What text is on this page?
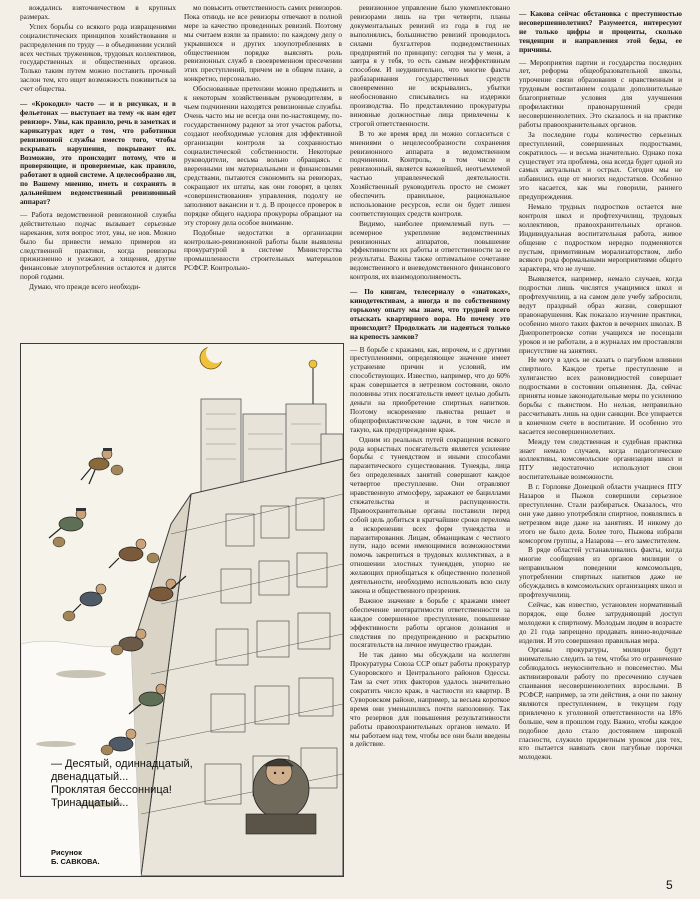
вождались взяточничеством в крупных размерах.

Успех борьбы со всякого рода извращениями социалистических принципов хозяйствования и распределения по труду — в объединении усилий всех честных тружеников, трудовых коллективов, государственных и общественных органов. Только таким путем можно поставить прочный заслон тем, кто ищет возможность поживиться за счет общества.

— «Крокодил» часто — и в рисунках, и в фельетонах — выступает на тему «к нам едет ревизор». Увы, как правило, речь в заметках и карикатурах идет о том, что работники ревизионной службы вместо того, чтобы вскрывать нарушения, покрывают их. Возможно, это происходит потому, что и проверяющие, и проверяемые, как правило, работают в одной системе. А целесообразно ли, по Вашему мнению, иметь и сохранять в дальнейшем ведомственный ревизионный аппарат?

— Работа ведомственной ревизионной службы действительно подчас вызывает серьезные нарекания, хотя вопрос этот, увы, не нов. Можно было бы привести немало примеров из следственной практики, когда ревизоры прижизненно и уезжают, а хищения, другие финансовые злоупотребления остаются и длятся порой годами.

Думаю, что прежде всего необходи-

мо повысить ответственность самих ревизоров. Пока отнюдь не все ревизоры отвечают в полной мере за качество проведенных ревизий. Поэтому мы считаем взяли за правило: по каждому делу о укрывшихся и других злоупотреблениях в общественном порядке выяснять роль ревизионных служб в своевременном пресечении этих преступлений, причем не в общем плане, а конкретно, персонально.

Обоснованные претензии можно предъявить и к некоторым хозяйственным руководителям, в чьем подчинении находятся ревизионные службы. Очень часто мы не всегда они по-настоящему, по-государственному радеют за этот участок работы, создают необходимые условия для эффективной организации контроля за сохранностью социалистической собственности. Некоторые руководители, весьма вольно обращаясь с вверенными им материальными и финансовыми средствами, пытаются сэкономить на ревизорах, сокращают их штаты, как они говорят, в целях «совершенствования» управления, подолгу не заполняют вакансии и т. д. В процессе проверок в порядке общего надзора прокуроры обращают на эту сторону дела особое внимание.

Подобные недостатки в организации контрольно-ревизионной работы были выявлены прокуратурой в системе Министерства промышленности строительных материалов РСФСР. Контрольно-

ревизионное управление было укомплектовано ревизорами лишь на три четверти, планы документальных ревизий из года в год не выполнялись, большинство ревизий проводилось силами бухгалтеров подведомственных предприятий по принципу: сегодня ты у меня, а завтра я у тебя, то есть самым неэффективным способом. И неудивительно, что многие факты разбазаривания государственных средств своевременно не вскрывались, убытки необоснованно списывались на издержки производства. По представлению прокуратуры виновные должностные лица привлечены к строгой ответственности.

В то же время вряд ли можно согласиться с мнениями о нецелесообразности сохранения ревизионного аппарата в ведомственном подчинении. Контроль, в том числе и ревизионный, является важнейшей, неотъемлемой частью управленческой деятельности. Хозяйственный руководитель просто не сможет обеспечить правильное, рациональное использование ресурсов, если он будет лишен соответствующих средств контроля.

Видимо, наиболее приемлемый путь — всемерное укрепление ведомственных ревизионных аппаратов, повышение эффективности их работы и ответственности за ее результаты. Важны также оптимальное сочетание ведомственного и вневедомственного финансового контроля, их взаимодополняемость.

— По книгам, телесериалу о «знатоках», кинодетективам, а иногда и по собственному горькому опыту мы знаем, что трудней всего отыскать квартирного вора. Но почему это происходит? Продолжать ли надеяться только на крепость замков?

— В борьбе с кражами, как, впрочем, и с другими преступлениями, определяющее значение имеет устранение причин и условий, им способствующих. Известно, например, что до 60% краж совершается в нетрезвом состоянии, около половины этих посягательств имеет целью добыть деньги на приобретение спиртных напитков. Поэтому искоренение пьянства решает и общепрофилактические задачи, в том числе и такую, как предупреждение краж.

Одним из реальных путей сокращения всякого рода корыстных посягательств является усиление борьбы с тунеядством и иными способами паразитического существования. Тунеяды, лица без определенных занятий совершают каждое четвертое преступление. Они отравляют нравственную атмосферу, заражают ее бациллами стяжательства и распущенности. Правоохранительные органы поставили перед собой цель добиться в кратчайшие сроки перелома в искоренении всех форм тунеядства и паразитирования. Лицам, обманщикам с честного пути, надо всеми имеющимися возможностями помочь закрепиться в трудовых коллективах, а в отношении злостных тунеядцев, упорно не желающих приобщаться к общественно полезной деятельности, необходимо использовать всю силу закона и общественного презрения.

Важное значение в борьбе с кражами имеет обеспечение неотвратимости ответственности за каждое совершенное преступление, повышение эффективности работы органов дознания и следствия по предупреждению и раскрытию посягательств на личное имущество граждан.

Не так давно мы обсуждали на коллегии Прокуратуры Союза ССР опыт работы прокуратур Суворовского и Центрального районов Одессы. Там за счет этих факторов удалось значительно сократить число краж, в частности из квартир. В Суворовском районе, например, за весьма короткое время они уменьшились почти наполовину. Так что резервов для повышения результативности работы правоохранительных органов немало. И мы работаем над тем, чтобы все они были введены в действие.

— Какова сейчас обстановка с преступностью несовершеннолетних? Разумеется, интересуют не только цифры и проценты, сколько тенденции и направления этой беды, ее причины.

— Мероприятия партии и государства последних лет, реформа общеобразовательной школы, упрочение связи образования с нравственным и трудовым воспитанием создали дополнительные благоприятные условия для улучшения профилактики правонарушений среди несовершеннолетних. Это сказалось и на практике работы правоохранительных органов.

За последние годы количество серьезных преступлений, совершенных подростками, сократилось — и весьма значительно. Однако пока существует эта проблема, она всегда будет одной из самых актуальных и острых. Сегодня мы не избавились еще от многих недостатков. Особенно это касается, как мы говорили, раннего предупреждения.

Немало трудных подростков остается вне контроля школ и профтехучилищ, трудовых коллективов, правоохранительных органов. Индивидуальная воспитательная работа, живое общение с подростком нередко подменяются пустым, примитивным морализаторством, либо всякого рода формальными мероприятиями общего характера, что не лучше.

Выявляется, например, немало случаев, когда подростки лишь числятся учащимися школ и профтехучилищ, а на самом деле учебу забросили, ведут праздный образ жизни, совершают правонарушения. Как показало изучение практики, особенно много таких фактов в вечерних школах. В Днепропетровске сотни учащихся не посещали уроков и не работали, а в журналах им проставляли присутствие на занятиях.

Не могу в здесь не сказать о пагубном влиянии спиртного. Каждое третье преступление и хулиганство всех разновидностей совершает подростками в состоянии опьянения. Да, сейчас приняты новые законодательные меры по усилению борьбы с пьянством. Но нельзя, неправильно рассчитывать лишь на одни санкции. Все упирается в конечном счете в воспитание. И особенно это касается несовершеннолетних.

Между тем следственная и судебная практика знает немало случаев, когда педагогические коллективы, комсомольские организации школ и ПТУ недостаточно используют свои воспитательные возможности.

В г. Горловке Донецкой области учащиеся ПТУ Назаров и Пыжов совершили серьезное преступление. Стали разбираться. Оказалось, что они уже давно употребляли спиртное, появлялись в нетрезвом виде даже на занятиях. И никому до этого не было дела. Более того, Пыжова избрали комсоргом группы, а Назарова — его заместителем.

В ряде областей устанавливались факты, когда многие сообщения из органов милиции о неправильном поведении комсомольцев, употреблении спиртных напитков даже не обсуждались в комсомольских организациях школ и профтехучилищ.

Сейчас, как известно, установлен нормативный порядок, еще более затрудняющий доступ молодежи к спиртному. Молодым людям в возрасте до 21 года запрещено продавать винно-водочные изделия. И это совершенно правильная мера.

Органы прокуратуры, милиции будут внимательно следить за тем, чтобы это ограничение соблюдалось неукоснительно и повсеместно. Мы активизировали работу по пресечению случаев спаивания несовершеннолетних взрослыми. В РСФСР, например, за эти действия, а они по закону являются преступлением, в текущем году привлечено к уголовной ответственности на 18% больше, чем в прошлом году. Важно, чтобы каждое подобное дело стало достоянием широкой гласности, служило предметным уроком для тех, кто пытается навязать свои пагубные порочки молодежи.

— Десятый, одиннадцатый, двенадцатый...
Проклятая бессонница!
Тринадцатый...
Рисунок
Б. САВКОВА.
5
